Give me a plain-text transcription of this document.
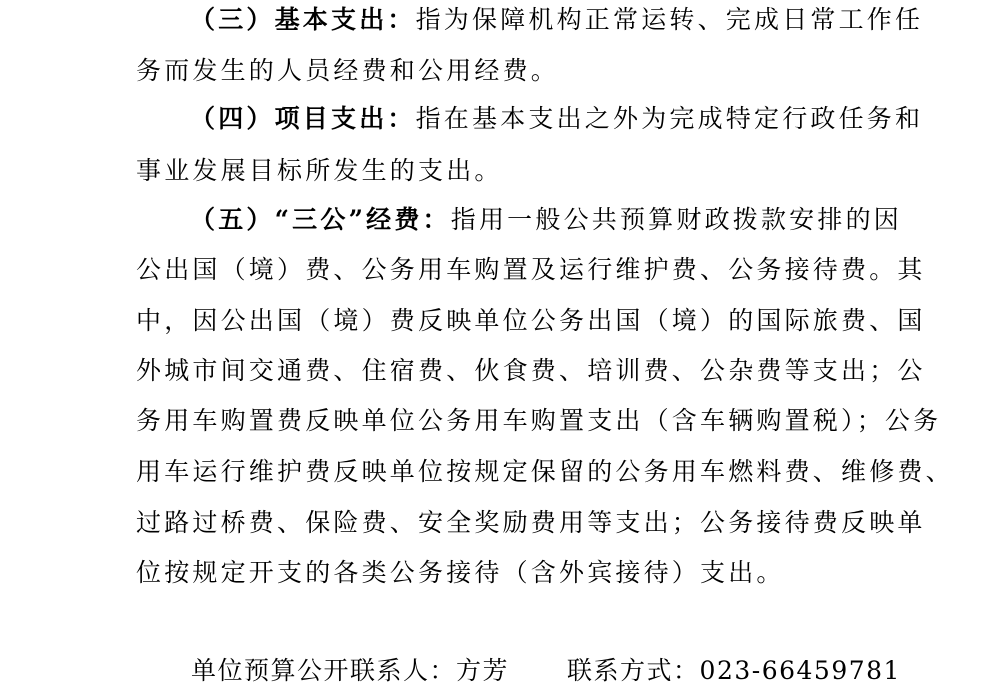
（三）基本支出：指为保障机构正常运转、完成日常工作任
务而发生的人员经费和公用经费。
（四）项目支出：指在基本支出之外为完成特定行政任务和
事业发展目标所发生的支出。
（五）“三公”经费：指用一般公共预算财政拨款安排的因
公出国（境）费、公务用车购置及运行维护费、公务接待费。其
中，因公出国（境）费反映单位公务出国（境）的国际旅费、国
外城市间交通费、住宿费、伙食费、培训费、公杂费等支出；公
务用车购置费反映单位公务用车购置支出（含车辆购置税）；公务
用车运行维护费反映单位按规定保留的公务用车燃料费、维修费、
过路过桥费、保险费、安全奖励费用等支出；公务接待费反映单
位按规定开支的各类公务接待（含外宾接待）支出。
单位预算公开联系人：方芳 联系方式：023-66459781
